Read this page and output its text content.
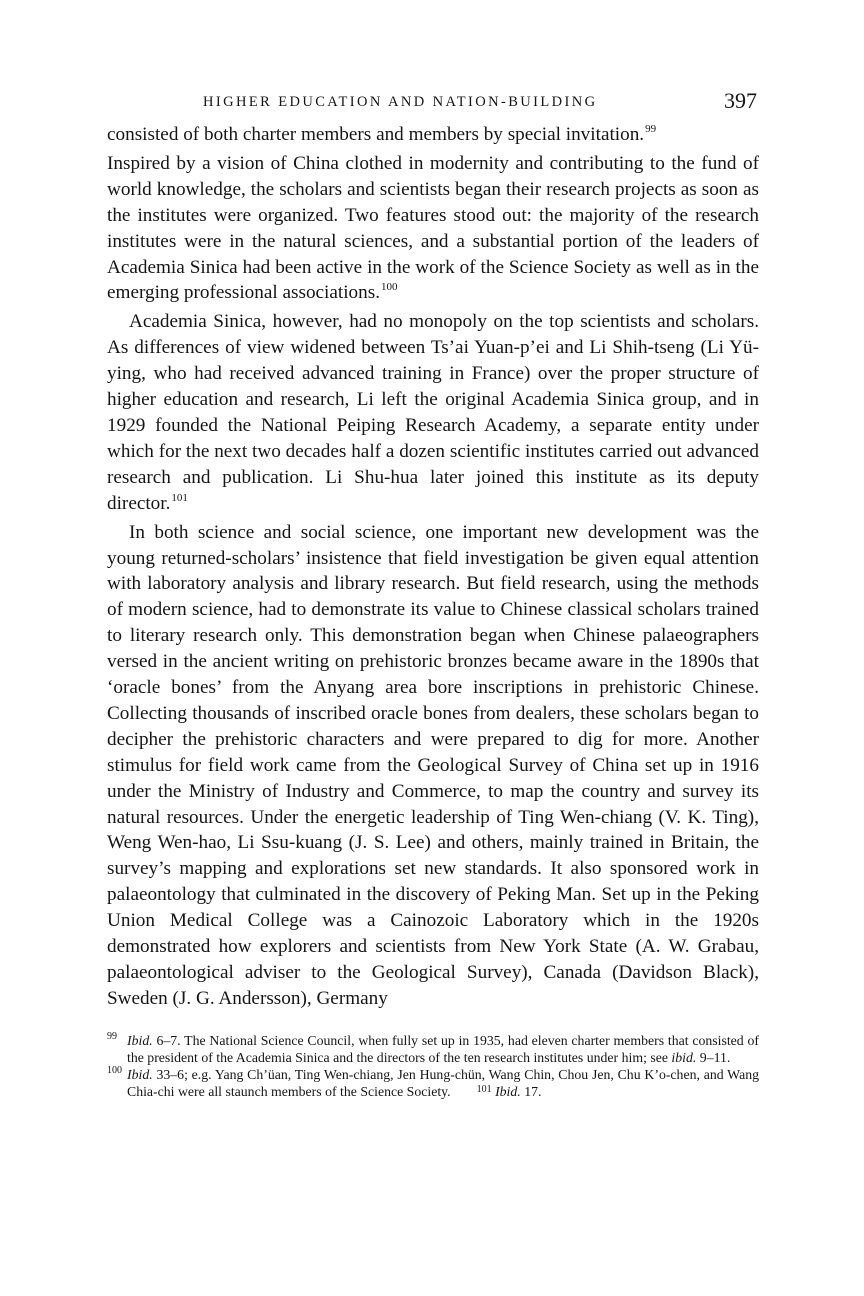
HIGHER EDUCATION AND NATION-BUILDING	397

consisted of both charter members and members by special invitation.$^{99}$

Inspired by a vision of China clothed in modernity and contributing to the fund of world knowledge, the scholars and scientists began their research projects as soon as the institutes were organized. Two features stood out: the majority of the research institutes were in the natural sciences, and a substantial portion of the leaders of Academia Sinica had been active in the work of the Science Society as well as in the emerging professional associations.$^{100}$

Academia Sinica, however, had no monopoly on the top scientists and scholars. As differences of view widened between Ts’ai Yuan-p’ei and Li Shih-tseng (Li Yü-ying, who had received advanced training in France) over the proper structure of higher education and research, Li left the original Academia Sinica group, and in 1929 founded the National Peiping Research Academy, a separate entity under which for the next two decades half a dozen scientific institutes carried out advanced research and publication. Li Shu-hua later joined this institute as its deputy director.$^{101}$

In both science and social science, one important new development was the young returned-scholars’ insistence that field investigation be given equal attention with laboratory analysis and library research. But field research, using the methods of modern science, had to demonstrate its value to Chinese classical scholars trained to literary research only. This demonstration began when Chinese palaeographers versed in the ancient writing on prehistoric bronzes became aware in the 1890s that ‘oracle bones’ from the Anyang area bore inscriptions in prehistoric Chinese. Collecting thousands of inscribed oracle bones from dealers, these scholars began to decipher the prehistoric characters and were prepared to dig for more. Another stimulus for field work came from the Geological Survey of China set up in 1916 under the Ministry of Industry and Commerce, to map the country and survey its natural resources. Under the energetic leadership of Ting Wen-chiang (V. K. Ting), Weng Wen-hao, Li Ssu-kuang (J. S. Lee) and others, mainly trained in Britain, the survey’s mapping and explorations set new standards. It also sponsored work in palaeontology that culminated in the discovery of Peking Man. Set up in the Peking Union Medical College was a Cainozoic Laboratory which in the 1920s demonstrated how explorers and scientists from New York State (A. W. Grabau, palaeontological adviser to the Geological Survey), Canada (Davidson Black), Sweden (J. G. Andersson), Germany

99 Ibid. 6–7. The National Science Council, when fully set up in 1935, had eleven charter members that consisted of the president of the Academia Sinica and the directors of the ten research institutes under him; see ibid. 9–11.
100 Ibid. 33–6; e.g. Yang Ch’üan, Ting Wen-chiang, Jen Hung-chün, Wang Chin, Chou Jen, Chu K’o-chen, and Wang Chia-chi were all staunch members of the Science Society.	$^{101}$ Ibid. 17.
